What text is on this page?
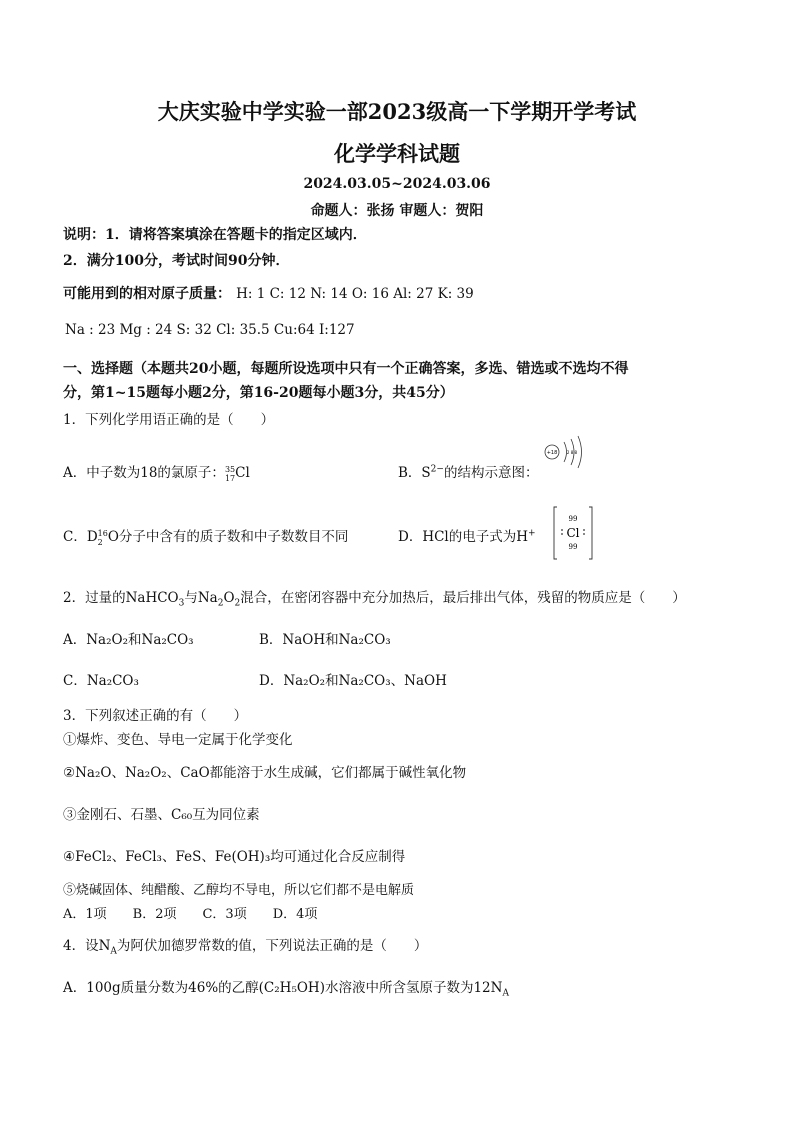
大庆实验中学实验一部2023级高一下学期开学考试
化学学科试题
2024.03.05~2024.03.06
命题人：张扬 审题人：贺阳
说明：1．请将答案填涂在答题卡的指定区域内．
2．满分100分，考试时间90分钟．
可能用到的相对原子质量： H: 1 C: 12 N: 14 O: 16 Al: 27 K: 39
Na : 23 Mg : 24 S: 32 Cl: 35.5 Cu:64 I:127
一、选择题（本题共20小题，每题所设选项中只有一个正确答案，多选、错选或不选均不得
分，第1~15题每小题2分，第16-20题每小题3分，共45分）
1．下列化学用语正确的是（　　）
A．中子数为18的氯原子： 35
17 Cl	B．$S^{2-}$的结构示意图：
+18 2 8 8
C．D 16
2 O分子中含有的质子数和中子数数目不同	D．HCl的电子式为H+
99
Cl
99
2．过量的NaHCO$_3$与$Na_2O_2$混合，在密闭容器中充分加热后，最后排出气体，残留的物质应是（　　）
A．Na₂O₂和Na₂CO₃	B．NaOH和Na₂CO₃
C．Na₂CO₃	D．Na₂O₂和Na₂CO₃、NaOH
3．下列叙述正确的有（　　）
①爆炸、变色、导电一定属于化学变化
②Na₂O、Na₂O₂、CaO都能溶于水生成碱，它们都属于碱性氧化物
③金刚石、石墨、C₆₀互为同位素
④FeCl₂、FeCl₃、FeS、Fe(OH)₃均可通过化合反应制得
⑤烧碱固体、纯醋酸、乙醇均不导电，所以它们都不是电解质
A．1项　　B．2项　　C．3项　　D．4项
4．设$N_A$为阿伏加德罗常数的值，下列说法正确的是（　　）
A．100g质量分数为46%的乙醇(C₂H₅OH)水溶液中所含氢原子数为$12N_A$
